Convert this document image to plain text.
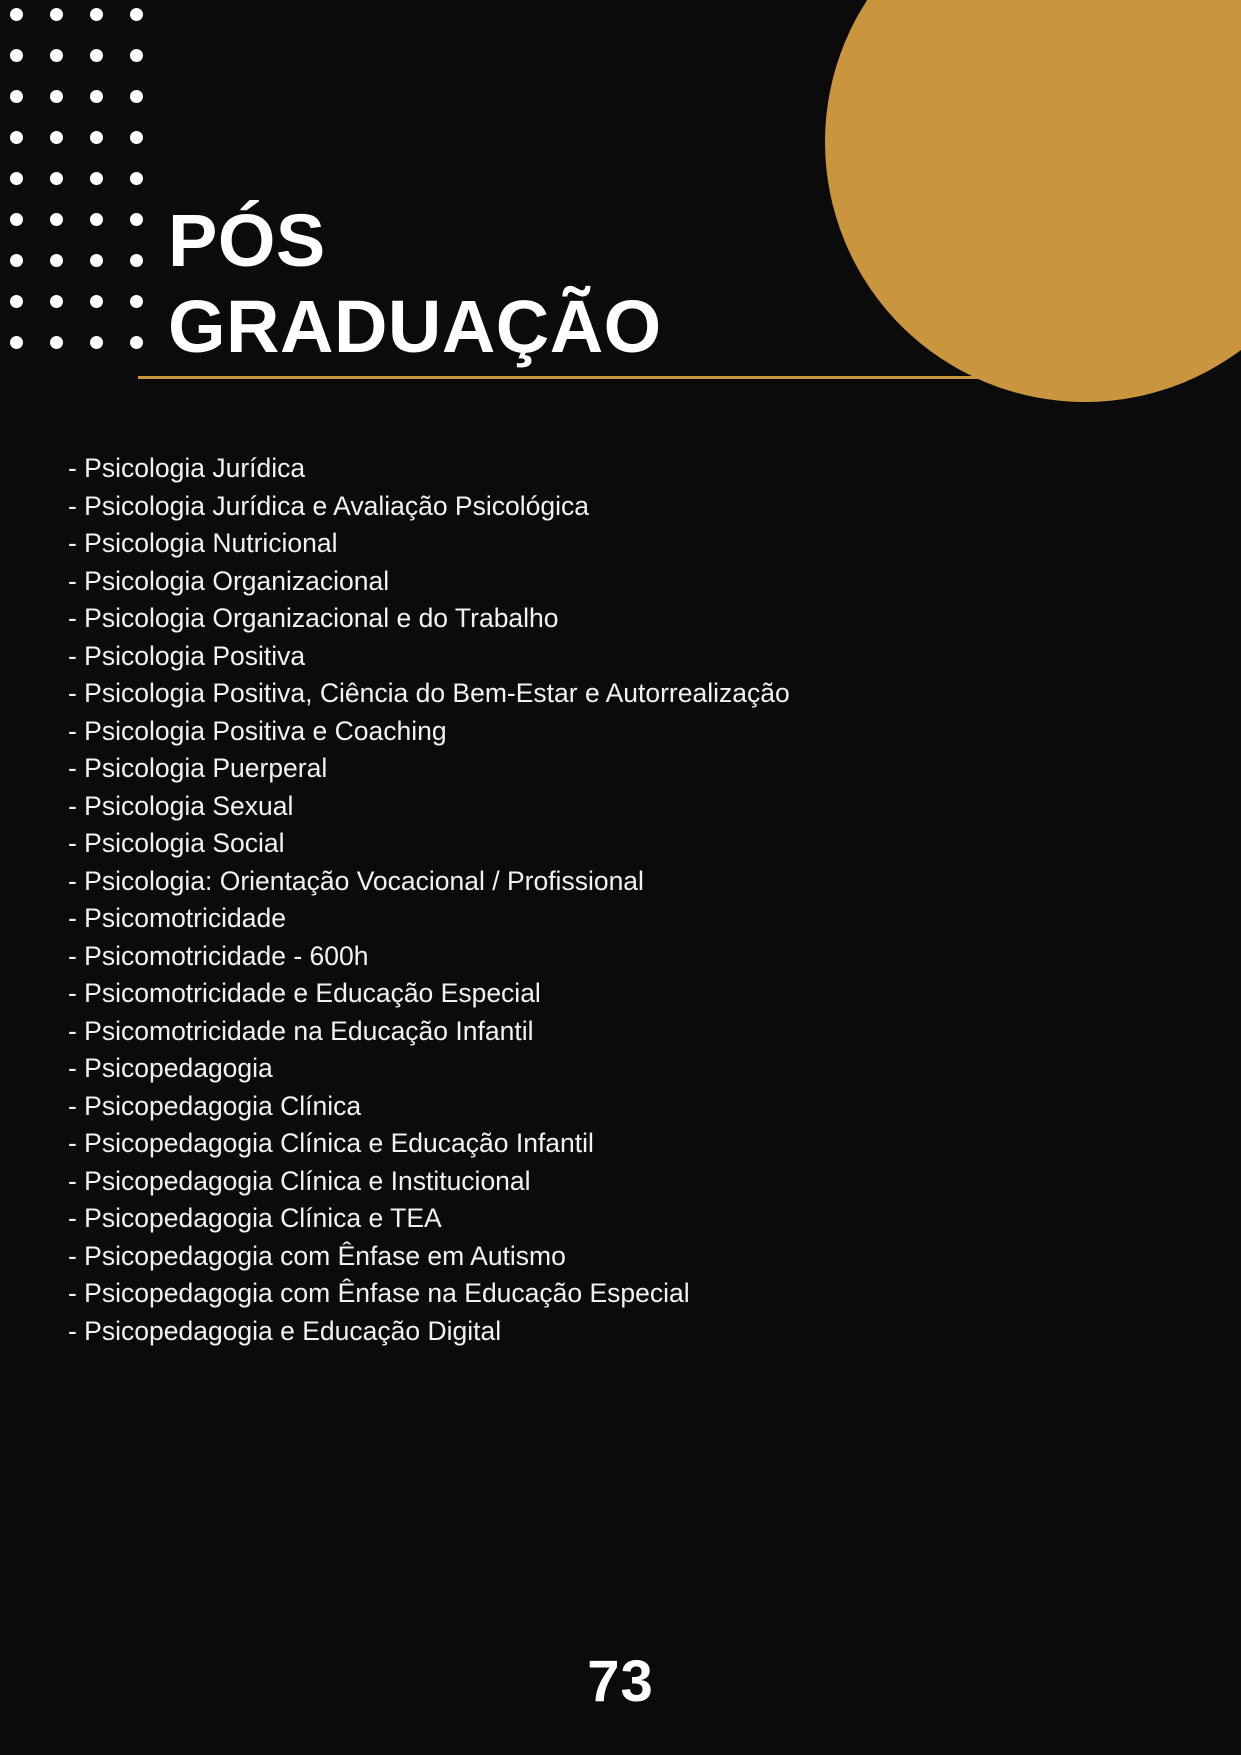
PÓS
GRADUAÇÃO
- Psicologia Jurídica
- Psicologia Jurídica e Avaliação Psicológica
- Psicologia Nutricional
- Psicologia Organizacional
- Psicologia Organizacional e do Trabalho
- Psicologia Positiva
- Psicologia Positiva, Ciência do Bem-Estar e Autorrealização
- Psicologia Positiva e Coaching
- Psicologia Puerperal
- Psicologia Sexual
- Psicologia Social
- Psicologia: Orientação Vocacional / Profissional
- Psicomotricidade
- Psicomotricidade - 600h
- Psicomotricidade e Educação Especial
- Psicomotricidade na Educação Infantil
- Psicopedagogia
- Psicopedagogia Clínica
- Psicopedagogia Clínica e Educação Infantil
- Psicopedagogia Clínica e Institucional
- Psicopedagogia Clínica e TEA
- Psicopedagogia com Ênfase em Autismo
- Psicopedagogia com Ênfase na Educação Especial
- Psicopedagogia e Educação Digital
73
